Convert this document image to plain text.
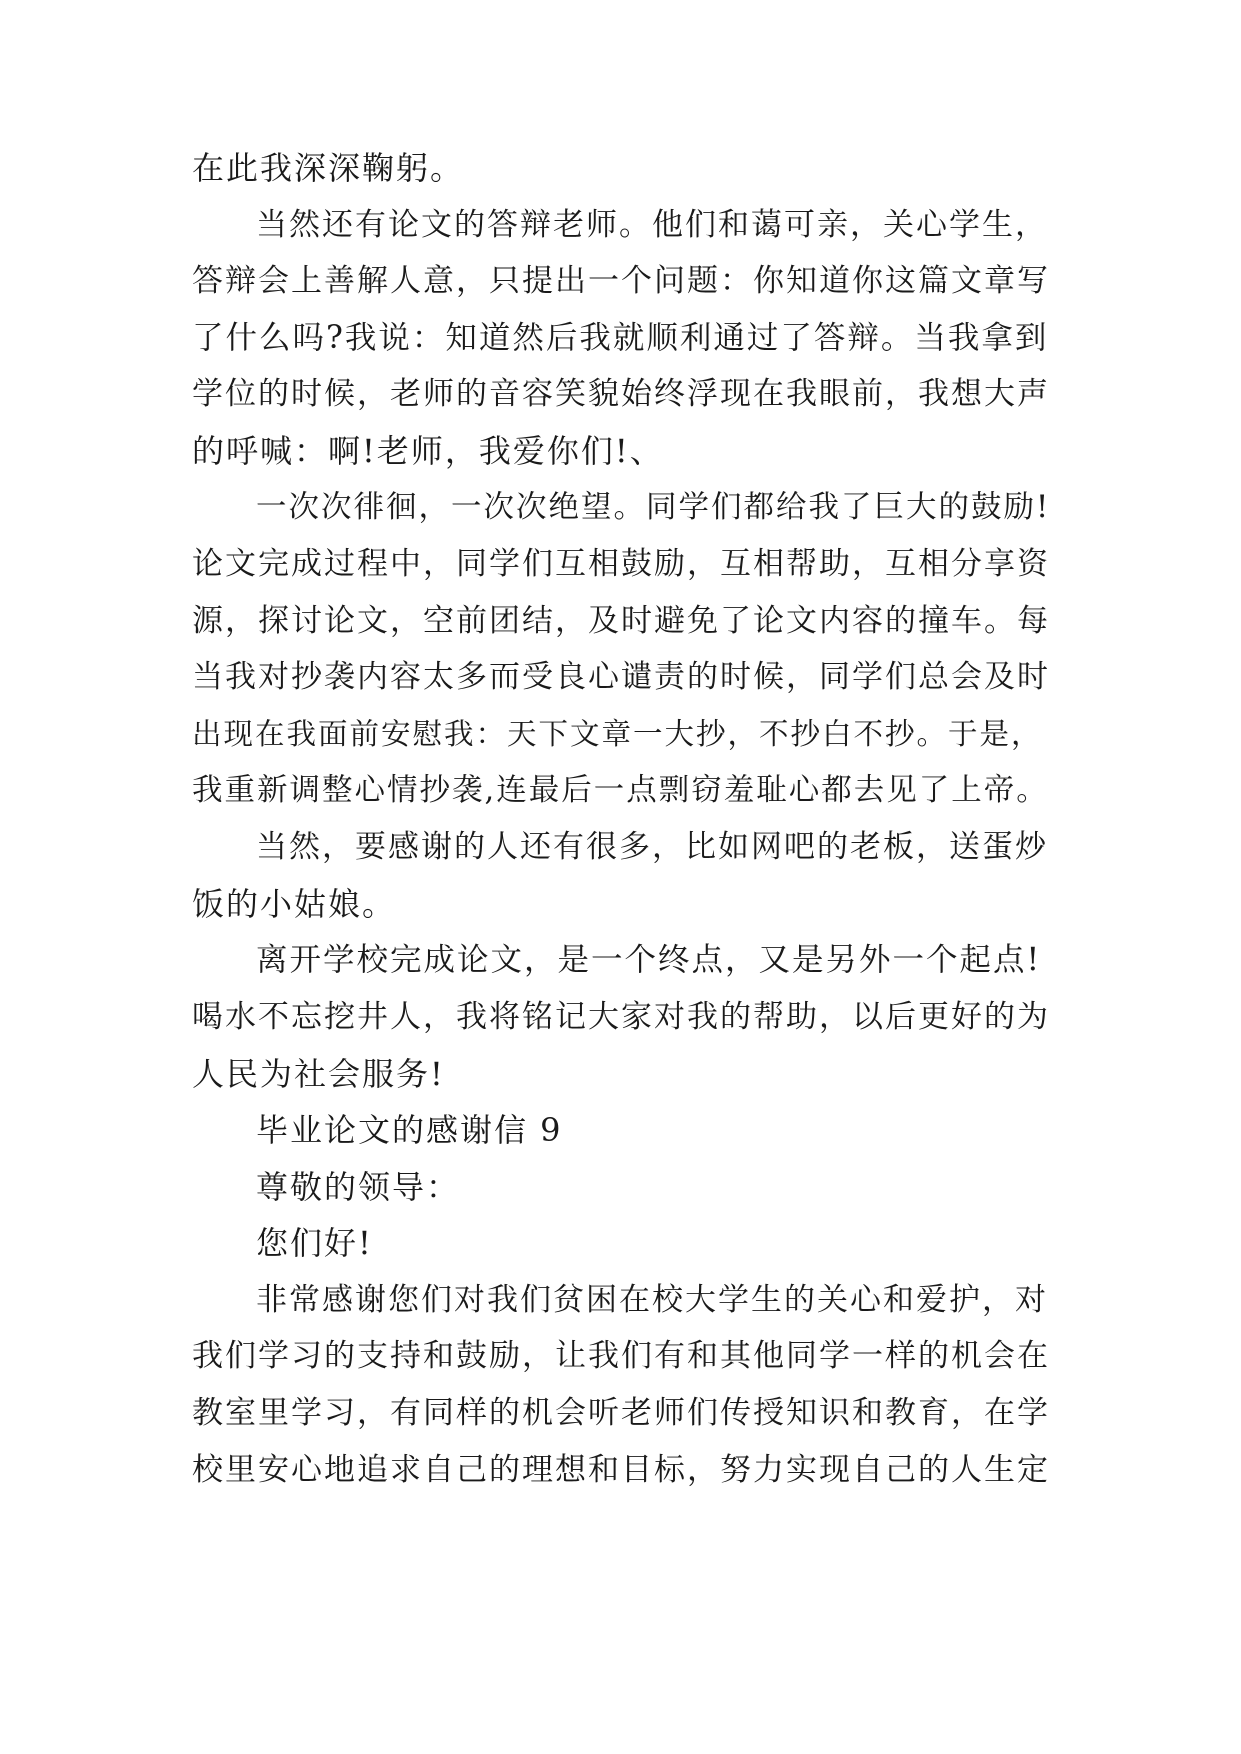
在此我深深鞠躬。
当然还有论文的答辩老师。他们和蔼可亲，关心学生，
答辩会上善解人意，只提出一个问题：你知道你这篇文章写
了什么吗?我说：知道然后我就顺利通过了答辩。当我拿到
学位的时候，老师的音容笑貌始终浮现在我眼前，我想大声
的呼喊：啊!老师，我爱你们!、
一次次徘徊，一次次绝望。同学们都给我了巨大的鼓励!
论文完成过程中，同学们互相鼓励，互相帮助，互相分享资
源，探讨论文，空前团结，及时避免了论文内容的撞车。每
当我对抄袭内容太多而受良心谴责的时候，同学们总会及时
出现在我面前安慰我：天下文章一大抄，不抄白不抄。于是，
我重新调整心情抄袭,连最后一点剽窃羞耻心都去见了上帝。
当然，要感谢的人还有很多，比如网吧的老板，送蛋炒
饭的小姑娘。
离开学校完成论文，是一个终点，又是另外一个起点!
喝水不忘挖井人，我将铭记大家对我的帮助，以后更好的为
人民为社会服务!
毕业论文的感谢信 9
尊敬的领导：
您们好!
非常感谢您们对我们贫困在校大学生的关心和爱护，对
我们学习的支持和鼓励，让我们有和其他同学一样的机会在
教室里学习，有同样的机会听老师们传授知识和教育，在学
校里安心地追求自己的理想和目标，努力实现自己的人生定
